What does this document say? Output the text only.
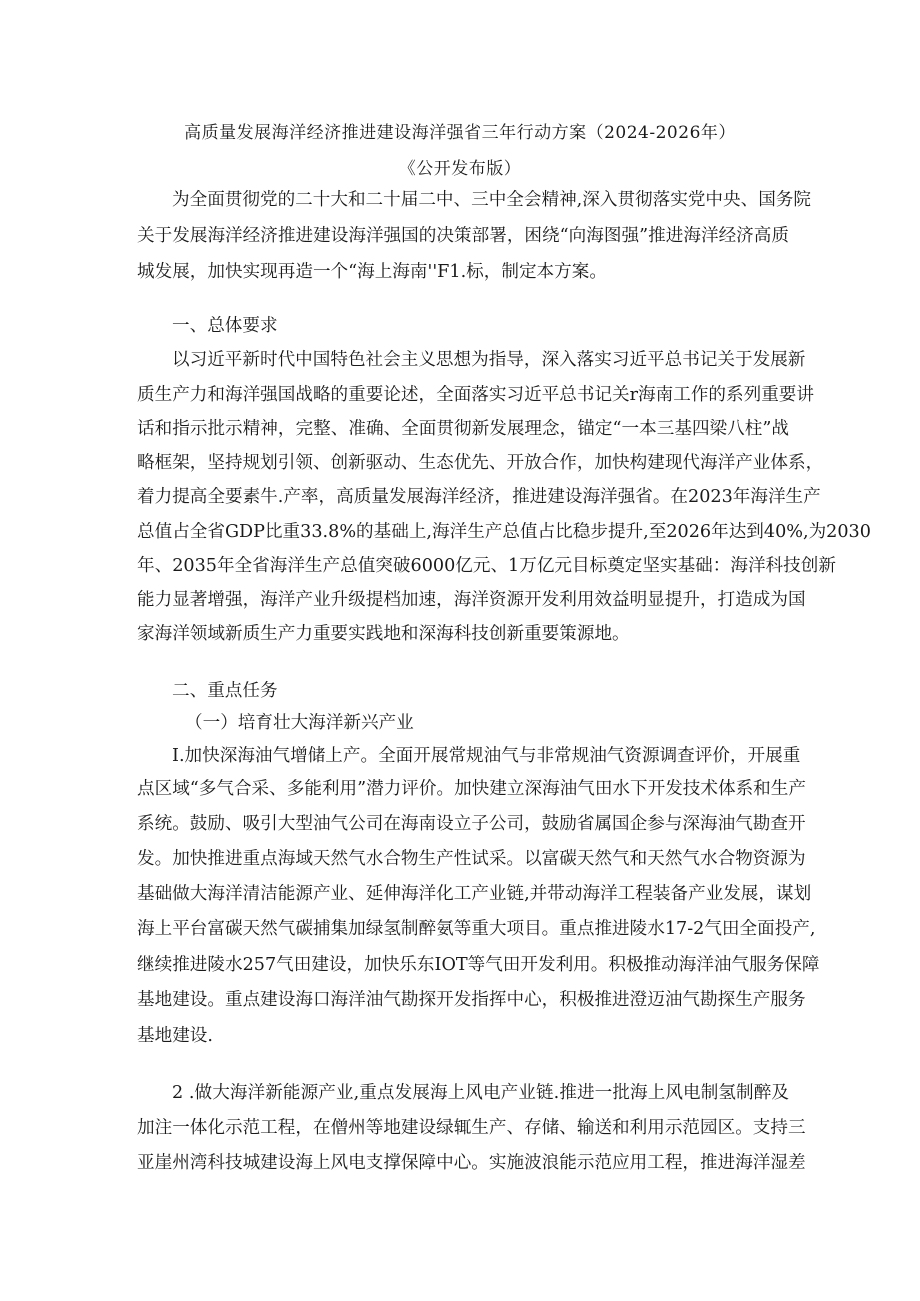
高质量发展海洋经济推进建设海洋强省三年行动方案（2024-2026年）
《公开发布版）
为全面贯彻党的二十大和二十届二中、三中全会精神,深入贯彻落实党中央、国务院
关于发展海洋经济推进建设海洋强国的决策部署，困绕“向海图强”推进海洋经济高质
城发展，加快实现再造一个“海上海南''F1.标，制定本方案。
一、总体要求
以习近平新时代中国特色社会主义思想为指导，深入落实习近平总书记关于发展新
质生产力和海洋强国战略的重要论述，全面落实习近平总书记关r海南工作的系列重要讲
话和指示批示精神，完整、准确、全面贯彻新发展理念，锚定“一本三基四梁八柱”战
略框架，坚持规划引领、创新驱动、生态优先、开放合作，加快构建现代海洋产业体系，
着力提高全要素牛.产率，高质量发展海洋经济，推进建设海洋强省。在2023年海洋生产
总值占全省GDP比重33.8%的基础上,海洋生产总值占比稳步提升,至2026年达到40%,为2030
年、2035年全省海洋生产总值突破6000亿元、1万亿元目标奠定坚实基础：海洋科技创新
能力显著增强，海洋产业升级提档加速，海洋资源开发利用效益明显提升，打造成为国
家海洋领域新质生产力重要实践地和深海科技创新重要策源地。
二、重点任务
（一）培育壮大海洋新兴产业
I.加快深海油气增储上产。全面开展常规油气与非常规油气资源调查评价，开展重
点区域“多气合采、多能利用”潜力评价。加快建立深海油气田水下开发技术体系和生产
系统。鼓励、吸引大型油气公司在海南设立子公司，鼓励省属国企参与深海油气勘查开
发。加快推进重点海域天然气水合物生产性试采。以富碳天然气和天然气水合物资源为
基础做大海洋清洁能源产业、延伸海洋化工产业链,并带动海洋工程装备产业发展，谋划
海上平台富碳天然气碳捕集加绿氢制醉氨等重大项目。重点推进陵水17-2气田全面投产,
继续推进陵水257气田建设，加快乐东IOT等气田开发利用。积极推动海洋油气服务保障
基地建设。重点建设海口海洋油气勘探开发指挥中心，积极推进澄迈油气勘探生产服务
基地建设.
2 .做大海洋新能源产业,重点发展海上风电产业链.推进一批海上风电制氢制醉及
加注一体化示范工程，在僧州等地建设绿辄生产、存储、输送和利用示范园区。支持三
亚崖州湾科技城建设海上风电支撑保障中心。实施波浪能示范应用工程，推进海洋湿差
